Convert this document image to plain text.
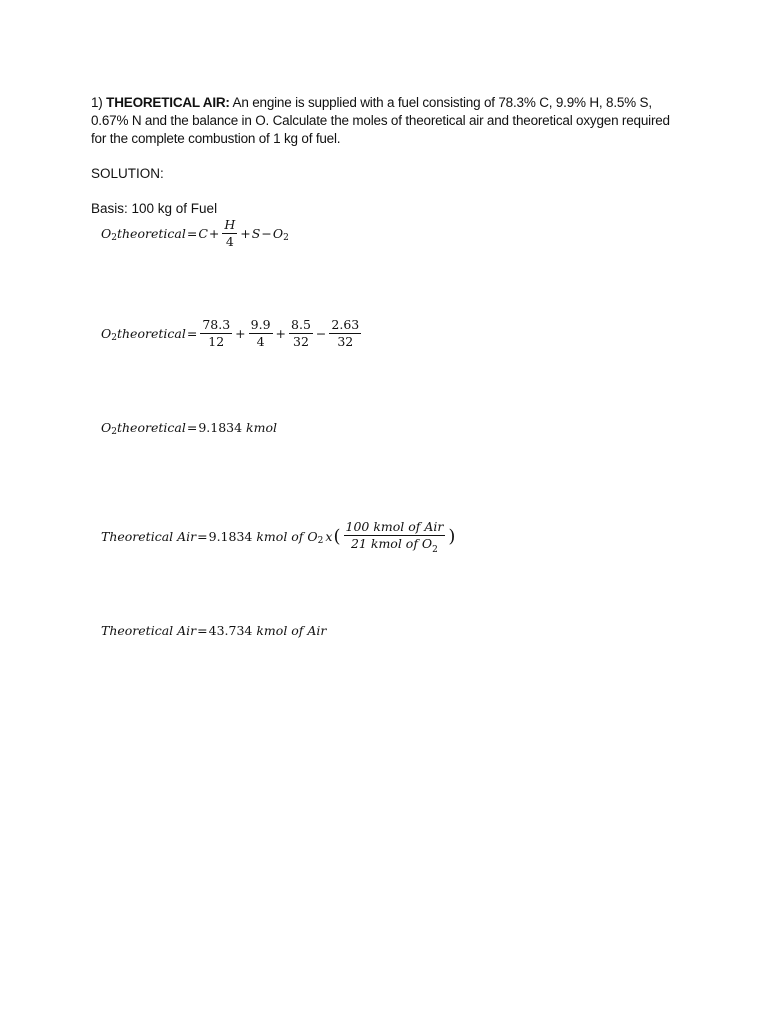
1) THEORETICAL AIR: An engine is supplied with a fuel consisting of 78.3% C, 9.9% H, 8.5% S, 0.67% N and the balance in O. Calculate the moles of theoretical air and theoretical oxygen required for the complete combustion of 1 kg of fuel.
SOLUTION:
Basis: 100 kg of Fuel
O 2 theoretical = $C + \frac{H}{4} + S - O$ 2
O 2 theoretical = $\frac{78.3}{12} + \frac{9.9}{4} + \frac{8.5}{32} - \frac{2.63}{32}$
O 2 theoretical = 9.1834
kmol
Theoretical Air = 9.1834
kmol of O 2 x ( $\frac{\text{100 kmol of Air}}{21 kmol of O_2}$ )
Theoretical Air = 43.734
kmol of Air
